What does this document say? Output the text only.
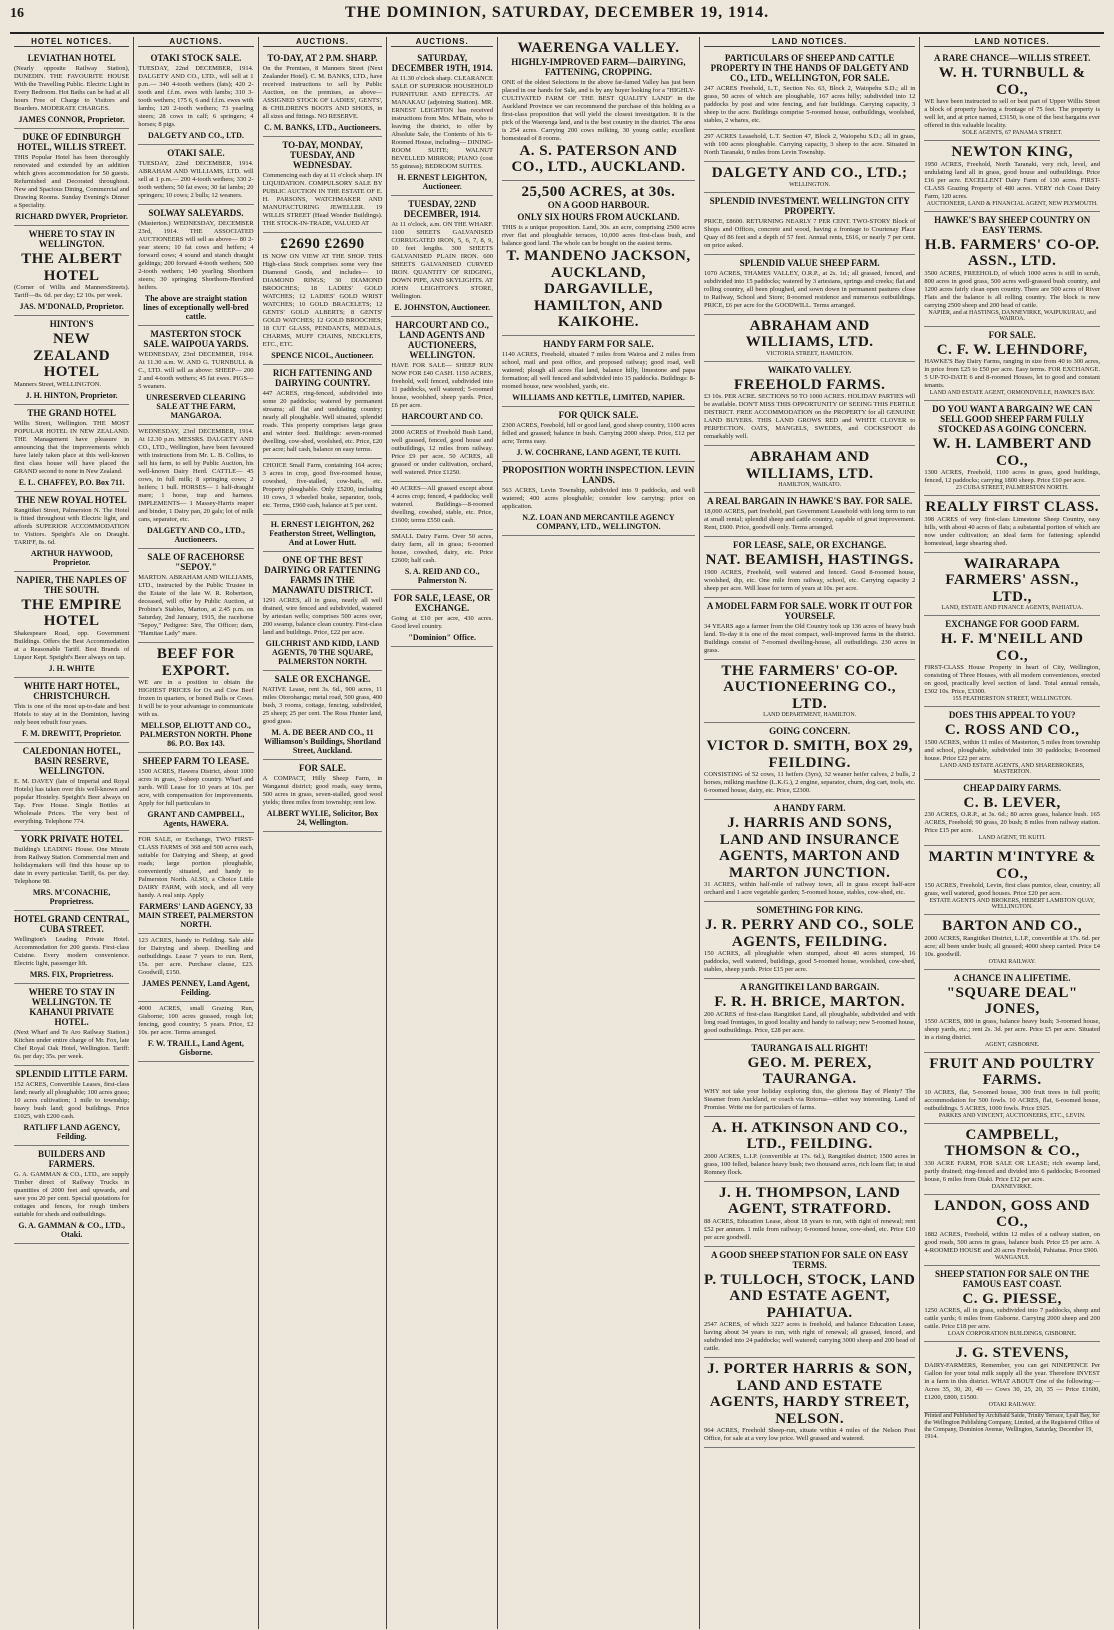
16	THE DOMINION, SATURDAY, DECEMBER 19, 1914.
HOTEL NOTICES.
LEVIATHAN HOTEL
(Nearly opposite Railway Station), DUNEDIN. THE FAVOURITE HOUSE With the Travelling Public. Electric Light in Every Bedroom. Hot Baths can be had at all hours Free of Charge to Visitors and Boarders. MODERATE CHARGES.
JAMES CONNOR, Proprietor.
DUKE OF EDINBURGH HOTEL, WILLIS STREET.
THIS Popular Hotel has been thoroughly renovated and extended by an addition which gives accommodation for 50 guests. Refurnished and Decorated throughout. New and Spacious Dining, Commercial and Drawing Rooms. Sunday Evening's Dinner a Speciality.
RICHARD DWYER, Proprietor.
WHERE TO STAY IN WELLINGTON.
THE ALBERT HOTEL
(Corner of Willis and MannersStreets). Tariff—8s. 6d. per day; £2 10s. per week.
JAS. M'DONALD, Proprietor.
HINTON'S
NEW ZEALAND HOTEL
Manners Street, WELLINGTON.
J. H. HINTON, Proprietor.
THE GRAND HOTEL
Willis Street, Wellington. THE MOST POPULAR HOTEL IN NEW ZEALAND. THE Management have pleasure in announcing that the improvements which have lately taken place at this well-known first class house will have placed the GRAND second to none in New Zealand.
E. L. CHAFFEY, P.O. Box 711.
THE NEW ROYAL HOTEL
Rangitikei Street, Palmerston N. The Hotel is fitted throughout with Electric light, and affords SUPERIOR ACCOMMODATION to Visitors. Speight's Ale on Draught. TARIFF, 8s. 6d.
ARTHUR HAYWOOD, Proprietor.
NAPIER, THE NAPLES OF THE SOUTH.
THE EMPIRE HOTEL
Shakespeare Road, opp. Government Buildings. Offers the Best Accommodation at a Reasonable Tariff. Best Brands of Liquor Kept. Speight's Beer always on tap.
J. H. WHITE
WHITE HART HOTEL, CHRISTCHURCH.
This is one of the most up-to-date and best Hotels to stay at in the Dominion, having only been rebuilt four years.
F. M. DREWITT, Proprietor.
CALEDONIAN HOTEL, BASIN RESERVE, WELLINGTON.
E. M. DAVEY (late of Imperial and Royal Hotels) has taken over this well-known and popular Hostelry. Speight's Beer always on Tap. Free House. Single Bottles at Wholesale Prices. The very best of everything. Telephone 774.
YORK PRIVATE HOTEL
Building's LEADING House. One Minute from Railway Station. Commercial men and holidaymakers will find this house up to date in every particular. Tariff, 6s. per day. Telephone 98.
MRS. M'CONACHIE, Proprietress.
HOTEL GRAND CENTRAL, CUBA STREET.
Wellington's Leading Private Hotel. Accommodation for 200 guests. First-class Cuisine. Every modern convenience. Electric light, passenger lift.
MRS. FIX, Proprietress.
WHERE TO STAY IN WELLINGTON. TE KAHANUI PRIVATE HOTEL.
(Next Wharf and Te Aro Railway Station.) Kitchen under entire charge of Mr. Fox, late Chef Royal Oak Hotel, Wellington. Tariff: 6s. per day; 35s. per week.
SPLENDID LITTLE FARM.
152 ACRES, Convertible Leases, first-class land; nearly all ploughable; 100 acres grass; 10 acres cultivation; 1 mile to township; heavy bush land; good buildings. Price £1025, with £200 cash.
RATLIFF LAND AGENCY, Feilding.
BUILDERS AND FARMERS.
G. A. GAMMAN & CO., LTD., are supply Timber direct of Railway Trucks in quantities of 2000 feet and upwards, and save you 20 per cent. Special quotations for cottages and fences, for rough timbers suitable for sheds and outbuildings.
G. A. GAMMAN & CO., LTD., Otaki.
AUCTIONS.
OTAKI STOCK SALE.
TUESDAY, 22nd DECEMBER, 1914. DALGETY AND CO., LTD., will sell at 1 p.m.— 340 4-tooth wethers (fats); 420 2-tooth and f.f.m. ewes with lambs; 310 3-tooth wethers; 175 6, 6 and f.f.m. ewes with lambs; 120 2-tooth wethers; 73 yearling steers; 28 cows in calf; 6 springers; 4 horses; 8 pigs.
DALGETY AND CO., LTD.
OTAKI SALE.
TUESDAY, 22nd DECEMBER, 1914. ABRAHAM AND WILLIAMS, LTD. will sell at 1 p.m.— 200 4-tooth wethers; 330 2-tooth wethers; 50 fat ewes; 30 fat lambs; 20 springers; 10 cows; 2 bulls; 12 weaners.
SOLWAY SALEYARDS.
(Masterton.) WEDNESDAY, DECEMBER 23rd, 1914. THE ASSOCIATED AUCTIONEERS will sell as above— 80 2-year steers; 10 fat cows and heifers; 4 forward cows; 4 sound and stanch draught geldings; 200 forward 4-tooth wethers; 500 2-tooth wethers; 140 yearling Shorthorn steers; 30 springing Shorthorn-Hereford heifers.
The above are straight station lines of exceptionally well-bred cattle.
MASTERTON STOCK SALE. WAIPOUA YARDS.
WEDNESDAY, 23rd DECEMBER, 1914. At 11.30 a.m. W. AND G. TURNBULL & C., LTD. will sell as above: SHEEP— 200 2 and 4-tooth wethers; 45 fat ewes. PIGS— 5 weaners.
UNRESERVED CLEARING SALE AT THE FARM, MANGAROA.
WEDNESDAY, 23rd DECEMBER, 1914. At 12.30 p.m. MESSRS. DALGETY AND CO., LTD., Wellington, have been favoured with instructions from Mr. L. B. Collins, to sell his farm, to sell by Public Auction, his well-known Dairy Herd. CATTLE— 45 cows, in full milk; 8 springing cows; 2 heifers; 1 bull. HORSES— 1 half-draught mare; 1 horse, trap and harness. IMPLEMENTS— 1 Massey-Harris reaper and binder, 1 Dairy pan, 20 gals; lot of milk cans, separator, etc.
DALGETY AND CO., LTD., Auctioneers.
SALE OF RACEHORSE "SEPOY."
MARTON. ABRAHAM AND WILLIAMS, LTD., instructed by the Public Trustee in the Estate of the late W. R. Robertson, deceased, will offer by Public Auction, at Probine's Stables, Marton, at 2.45 p.m. on Saturday, 2nd January, 1915, the racehorse "Sepoy," Pedigree: Sire, The Officer; dam, "Hamitae Lady" mare.
BEEF FOR EXPORT.
WE are in a position to obtain the HIGHEST PRICES for Ox and Cow Beef frozen in quarters, or boned Bulls or Cows. It will be to your advantage to communicate with us.
MELLSOP, ELIOTT AND CO., PALMERSTON NORTH. Phone 86. P.O. Box 143.
SHEEP FARM TO LEASE.
1500 ACRES, Hawera District, about 1000 acres in grass, 3-sheep country. Wharf and yards. Will Lease for 10 years at 10s. per acre, with compensation for improvements. Apply for full particulars to
GRANT AND CAMPBELL, Agents, HAWERA.
FOR SALE, or Exchange, TWO FIRST-CLASS FARMS of 368 and 500 acres each, suitable for Dairying and Sheep, at good roads; large portion ploughable, conveniently situated, and handy to Palmerston North. ALSO, a Choice Little DAIRY FARM, with stock, and all very handy. A real snip. Apply
FARMERS' LAND AGENCY, 33 MAIN STREET, PALMERSTON NORTH.
123 ACRES, handy to Feilding. Sale able for Dairying and sheep. Dwelling and outbuildings. Lease 7 years to run. Rent, 15s. per acre. Purchase clause, £23. Goodwill, £150.
JAMES PENNEY, Land Agent, Feilding.
4000 ACRES, small Grazing Run, Gisborne; 100 acres grassed, rough lot; fencing, good country; 5 years. Price, £2 10s. per acre. Terms arranged.
F. W. TRAILL, Land Agent, Gisborne.
AUCTIONS.
TO-DAY, AT 2 P.M. SHARP.
On the Premises, 8 Manners Street (Next Zealander Hotel). C. M. BANKS, LTD., have received instructions to sell by Public Auction, on the premises, as above— ASSIGNED STOCK OF LADIES', GENTS', & CHILDREN'S BOOTS AND SHOES, in all sizes and fittings. NO RESERVE.
C. M. BANKS, LTD., Auctioneers.
TO-DAY, MONDAY, TUESDAY, AND WEDNESDAY.
Commencing each day at 11 o'clock sharp. IN LIQUIDATION. COMPULSORY SALE BY PUBLIC AUCTION IN THE ESTATE OF E. H. PARSONS, WATCHMAKER AND MANUFACTURING JEWELLER. 19 WILLIS STREET (Head Wonder Buildings). THE STOCK-IN-TRADE, VALUED AT
£2690 £2690
IS NOW ON VIEW AT THE SHOP. THIS High-class Stock comprises some very fine Diamond Goods, and includes— 10 DIAMOND RINGS; 30 DIAMOND BROOCHES; 18 LADIES' GOLD WATCHES; 12 LADIES' GOLD WRIST WATCHES; 10 GOLD BRACELETS; 12 GENTS' GOLD ALBERTS; 8 GENTS' GOLD WATCHES; 12 GOLD BROOCHES; 18 CUT GLASS, PENDANTS, MEDALS, CHARMS, MUFF CHAINS, NECKLETS, ETC., ETC.
SPENCE NICOL, Auctioneer.
RICH FATTENING AND DAIRYING COUNTRY.
447 ACRES, ring-fenced, subdivided into some 20 paddocks; watered by permanent streams; all flat and undulating country; nearly all ploughable. Well situated, splendid roads. This property comprises large grass and winter feed. Buildings: seven-roomed dwelling, cow-shed, woolshed, etc. Price, £20 per acre; half cash, balance on easy terms.
CHOICE Small Farm, containing 164 acres; 3 acres in crop, good five-roomed house, cowshed, five-stalled, cow-bails, etc. Property ploughable. Only £5200, including 10 cows, 3 wheeled brake, separator, tools, etc. Terms, £960 cash, balance at 5 per cent.
H. ERNEST LEIGHTON, 262 Featherston Street, Wellington, And at Lower Hutt.
ONE OF THE BEST DAIRYING OR FATTENING FARMS IN THE MANAWATU DISTRICT.
1291 ACRES, all in grass, nearly all well drained, wire fenced and subdivided, watered by artesian wells; comprises 500 acres over, 200 swamp, balance clean country. First-class land and buildings. Price, £22 per acre.
GILCHRIST AND KIDD, LAND AGENTS, 70 THE SQUARE, PALMERSTON NORTH.
SALE OR EXCHANGE.
NATIVE Lease, rent 3s. 6d., 900 acres, 11 miles Otorohanga; metal road, 500 grass, 400 bush, 3 rooms, cottage, fencing, subdivided, 25 sheep; 25 per cent. The Ross Hunter land, good grass.
M. A. DE BEER AND CO., 11 Williamson's Buildings, Shortland Street, Auckland.
FOR SALE.
A COMPACT, Hilly Sheep Farm, in Wanganui district; good roads, easy terms, 500 acres in grass, seven-stalled, good wool yields; three miles from township; rent low.
ALBERT WYLIE, Solicitor, Box 24, Wellington.
AUCTIONS.
SATURDAY, DECEMBER 19TH, 1914.
At 11.30 o'clock sharp. CLEARANCE SALE OF SUPERIOR HOUSEHOLD FURNITURE AND EFFECTS. AT MANAKAU (adjoining Station). MR. ERNEST LEIGHTON has received instructions from Mrs. M'Bain, who is leaving the district, to offer by Absolute Sale, the Contents of his 6-Roomed House, including— DINING-ROOM SUITE; WALNUT BEVELLED MIRROR; PIANO (cost 55 guineas); BEDROOM SUITES.
H. ERNEST LEIGHTON, Auctioneer.
TUESDAY, 22ND DECEMBER, 1914.
At 11 o'clock, a.m. ON THE WHARF. 1100 SHEETS GALVANISED CORRUGATED IRON, 5, 6, 7, 8, 9, 10 feet lengths. 300 SHEETS GALVANISED PLAIN IRON. 600 SHEETS GALVANISED CURVED IRON. QUANTITY OF RIDGING, DOWN PIPE, AND SKYLIGHTS. AT JOHN LEIGHTON'S STORE, Wellington.
E. JOHNSTON, Auctioneer.
HARCOURT AND CO., LAND AGENTS AND AUCTIONEERS, WELLINGTON.
HAVE FOR SALE— SHEEP RUN NOW FOR £40 CASH. 1150 ACRES, freehold, well fenced, subdivided into 11 paddocks, well watered; 5-roomed house, woolshed, sheep yards. Price, £6 per acre.
HARCOURT AND CO.
2000 ACRES of Freehold Bush Land, well grassed, fenced, good house and outbuildings, 12 miles from railway. Price £9 per acre. 50 ACRES, all grassed or under cultivation, orchard, well watered. Price £1250.
40 ACRES—All grassed except about 4 acres crop; fenced, 4 paddocks; well watered. Buildings—8-roomed dwelling, cowshed, stable, etc. Price, £1600; terms £550 cash.
SMALL Dairy Farm. Over 50 acres, dairy farm, all in grass; 6-roomed house, cowshed, dairy, etc. Price £2600; half cash.
S. A. REID AND CO., Palmerston N.
FOR SALE, LEASE, OR EXCHANGE.
Going at £10 per acre, 430 acres. Good level country.
"Dominion" Office.
WAERENGA VALLEY.
HIGHLY-IMPROVED FARM—DAIRYING, FATTENING, CROPPING.
ONE of the oldest Selections in the above far-famed Valley has just been placed in our hands for Sale, and is by any buyer looking for a "HIGHLY-CULTIVATED FARM OF THE BEST QUALITY LAND" in the Auckland Province we can recommend the purchase of this holding as a first-class proposition that will yield the closest investigation. It is the pick of the Waerenga land, and is the best country in the district. The area is 254 acres. Carrying 200 cows milking, 30 young cattle; excellent homestead of 8 rooms.
A. S. PATERSON AND CO., LTD., AUCKLAND.
25,500 ACRES, at 30s.
ON A GOOD HARBOUR.
ONLY SIX HOURS FROM AUCKLAND.
THIS is a unique proposition. Land, 30s. an acre, comprising 2500 acres river flat and ploughable terraces, 10,000 acres first-class bush, and balance good land. The whole can be bought on the easiest terms.
T. MANDENO JACKSON, AUCKLAND, DARGAVILLE, HAMILTON, AND KAIKOHE.
HANDY FARM FOR SALE.
1140 ACRES, Freehold, situated 7 miles from Wairoa and 2 miles from school, mail and post office, and proposed railway; good road, well watered; plough all acres flat land, balance hilly, limestone and papa formation; all well fenced and subdivided into 15 paddocks. Buildings: 8-roomed house, new woolshed, yards, etc.
WILLIAMS AND KETTLE, LIMITED, NAPIER.
FOR QUICK SALE.
2300 ACRES, Freehold, hill or good land, good sheep country, 1100 acres felled and grassed; balance in bush. Carrying 2000 sheep. Price, £12 per acre; Terms easy.
J. W. COCHRANE, LAND AGENT, TE KUITI.
PROPOSITION WORTH INSPECTION. LEVIN LANDS.
563 ACRES, Levin Township, subdivided into 9 paddocks, and well watered; 400 acres ploughable; consider low carrying; price on application.
N.Z. LOAN AND MERCANTILE AGENCY COMPANY, LTD., WELLINGTON.
LAND NOTICES.
PARTICULARS OF SHEEP AND CATTLE PROPERTY IN THE HANDS OF DALGETY AND CO., LTD., WELLINGTON, FOR SALE.
247 ACRES Freehold, L.T., Section No. 63, Block 2, Waiopehu S.D.; all in grass, 50 acres of which are ploughable, 167 acres hilly; subdivided into 12 paddocks by post and wire fencing, and fair buildings. Carrying capacity, 3 sheep to the acre. Buildings comprise 5-roomed house, outbuildings, woolshed, stables, 2 whares, etc.
297 ACRES Leasehold, L.T. Section 47, Block 2, Waiopehu S.D.; all in grass, with 100 acres ploughable. Carrying capacity, 3 sheep to the acre. Situated in North Taranaki, 9 miles from Levin Township.
DALGETY AND CO., LTD.;
WELLINGTON.
SPLENDID INVESTMENT. WELLINGTON CITY PROPERTY.
PRICE, £8600. RETURNING NEARLY 7 PER CENT. TWO-STORY Block of Shops and Offices, concrete and wood, having a frontage to Courtenay Place Quay of 86 feet and a depth of 57 feet. Annual rents, £616, or nearly 7 per cent. on price asked.
SPLENDID VALUE SHEEP FARM.
1070 ACRES, THAMES VALLEY, O.R.P., at 2s. 1d.; all grassed, fenced, and subdivided into 15 paddocks; watered by 3 artesians, springs and creeks; flat and rolling country, all been ploughed, and sown down in permanent pastures close to Railway, School and Store; 8-roomed residence and numerous outbuildings. PRICE, £6 per acre for the GOODWILL. Terms arranged.
ABRAHAM AND WILLIAMS, LTD.
VICTORIA STREET, HAMILTON.
WAIKATO VALLEY.
FREEHOLD FARMS.
£3 10s. PER ACRE. SECTIONS 50 TO 1000 ACRES. HOLIDAY PARTIES will be available. DON'T MISS THIS OPPORTUNITY OF SEEING THIS FERTILE DISTRICT. FREE ACCOMMODATION on the PROPERTY for all GENUINE LAND BUYERS. THIS LAND GROWS RED and WHITE CLOVER to PERFECTION. OATS, MANGELS, SWEDES, and COCKSFOOT do remarkably well.
ABRAHAM AND WILLIAMS, LTD.
HAMILTON, WAIKATO.
A REAL BARGAIN IN HAWKE'S BAY. FOR SALE.
18,000 ACRES, part freehold, part Government Leasehold with long term to run at small rental; splendid sheep and cattle country, capable of great improvement. Rent, £600. Price, goodwill only. Terms arranged.
FOR LEASE, SALE, OR EXCHANGE.
NAT. BEAMISH, HASTINGS.
1900 ACRES, Freehold, well watered and fenced. Good 8-roomed house, woolshed, dip, etc. One mile from railway, school, etc. Carrying capacity 2 sheep per acre. Will lease for term of years at 10s. per acre.
A MODEL FARM FOR SALE. WORK IT OUT FOR YOURSELF.
34 YEARS ago a farmer from the Old Country took up 136 acres of heavy bush land. To-day it is one of the most compact, well-improved farms in the district. Buildings consist of 7-roomed dwelling-house, all outbuildings. 230 acres in grass.
THE FARMERS' CO-OP. AUCTIONEERING CO., LTD.
LAND DEPARTMENT, HAMILTON.
GOING CONCERN.
VICTOR D. SMITH, BOX 29, FEILDING.
CONSISTING of 52 cows, 11 heifers (3yrs), 32 weaner heifer calves, 2 bulls, 2 horses, milking machine (L.K.G.), 2 engine, separator, churn, dog cart, tools, etc. 6-roomed house, dairy, etc. Price, £2300.
A HANDY FARM.
J. HARRIS AND SONS, LAND AND INSURANCE AGENTS, MARTON AND MARTON JUNCTION.
31 ACRES, within half-mile of railway town, all in grass except half-acre orchard and 1 acre vegetable garden; 5-roomed house, stables, cow-shed, etc.
SOMETHING FOR KING.
J. R. PERRY AND CO., SOLE AGENTS, FEILDING.
150 ACRES, all ploughable when stumped, about 40 acres stumped, 16 paddocks, well watered, buildings, good 5-roomed house, woolshed, cow-shed, stables, sheep yards. Price £15 per acre.
A RANGITIKEI LAND BARGAIN.
F. R. H. BRICE, MARTON.
200 ACRES of first-class Rangitikei Land, all ploughable, subdivided and with long road frontages, in good locality and handy to railway; new 5-roomed house, good outbuildings. Price, £28 per acre.
TAURANGA IS ALL RIGHT!
GEO. M. PEREX, TAURANGA.
WHY not take your holiday exploring this, the glorious Bay of Plenty? The Steamer from Auckland, or coach via Rotorua—either way interesting. Land of Promise. Write me for particulars of farms.
A. H. ATKINSON AND CO., LTD., FEILDING.
2000 ACRES, L.I.P. (convertible at 17s. 6d.), Rangitikei district; 1500 acres in grass, 100 felled, balance heavy bush; two thousand acres, rich loam flat; in stud Romney flock.
J. H. THOMPSON, LAND AGENT, STRATFORD.
88 ACRES, Education Lease, about 18 years to run, with right of renewal; rent £52 per annum. 1 mile from railway; 6-roomed house, cow-shed, etc. Price £10 per acre goodwill.
A GOOD SHEEP STATION FOR SALE ON EASY TERMS.
P. TULLOCH, STOCK, LAND AND ESTATE AGENT, PAHIATUA.
2547 ACRES, of which 3227 acres is freehold, and balance Education Lease, having about 34 years to run, with right of renewal; all grassed, fenced, and subdivided into 24 paddocks; well watered; carrying 3000 sheep and 200 head of cattle.
J. PORTER HARRIS & SON, LAND AND ESTATE AGENTS, HARDY STREET, NELSON.
964 ACRES, Freehold Sheep-run, situate within 4 miles of the Nelson Post Office, for sale at a very low price. Well grassed and watered.
LAND NOTICES.
A RARE CHANCE—WILLIS STREET.
W. H. TURNBULL & CO.,
WE have been instructed to sell or best part of Upper Willis Street a block of property having a frontage of 75 feet. The property is well let, and at price named, £3150, is one of the best bargains ever offered in this valuable locality.
SOLE AGENTS, 67 PANAMA STREET.
NEWTON KING,
1950 ACRES, Freehold, North Taranaki, very rich, level, and undulating land all in grass, good house and outbuildings. Price £16 per acre. EXCELLENT Dairy Farm of 130 acres. FIRST-CLASS Grazing Property of 480 acres. VERY rich Coast Dairy Farm, 120 acres.
AUCTIONEER, LAND & FINANCIAL AGENT, NEW PLYMOUTH.
HAWKE'S BAY SHEEP COUNTRY ON EASY TERMS.
H.B. FARMERS' CO-OP. ASSN., LTD.
3500 ACRES, FREEHOLD, of which 1000 acres is still in scrub, 800 acres in good grass, 500 acres well-grassed bush country, and 1200 acres fairly clean open country. There are 500 acres of River Flats and the balance is all rolling country. The block is now carrying 2500 sheep and 200 head of cattle.
NAPIER, and at HASTINGS, DANNEVIRKE, WAIPUKURAU, and WAIROA.
FOR SALE.
C. F. W. LEHNDORF,
HAWKE'S Bay Dairy Farms, ranging in size from 40 to 300 acres, in price from £25 to £50 per acre. Easy terms. FOR EXCHANGE. 5 UP-TO-DATE 6 and 8-roomed Houses, let to good and constant tenants.
LAND AND ESTATE AGENT, ORMONDVILLE, HAWKE'S BAY.
DO YOU WANT A BARGAIN? WE CAN SELL GOOD SHEEP FARM FULLY STOCKED AS A GOING CONCERN.
W. H. LAMBERT AND CO.,
1300 ACRES, Freehold, 1100 acres in grass, good buildings, fenced, 12 paddocks; carrying 1800 sheep. Price £10 per acre.
23 CUBA STREET, PALMERSTON NORTH.
REALLY FIRST CLASS.
398 ACRES of very first-class Limestone Sheep Country, easy hills, with about 40 acres of flats; a substantial portion of which are now under cultivation; an ideal farm for fattening; splendid homestead, large shearing shed.
WAIRARAPA FARMERS' ASSN., LTD.,
LAND, ESTATE AND FINANCE AGENTS, PAHIATUA.
EXCHANGE FOR GOOD FARM.
H. F. M'NEILL AND CO.,
FIRST-CLASS House Property in heart of City, Wellington, consisting of Three Houses, with all modern conveniences, erected on good, practically level section of land. Total annual rentals, £302 10s. Price, £3300.
155 FEATHERSTON STREET, WELLINGTON.
DOES THIS APPEAL TO YOU?
C. ROSS AND CO.,
1500 ACRES, within 11 miles of Masterton, 5 miles from township and school, ploughable, subdivided into 30 paddocks; 8-roomed house. Price £22 per acre.
LAND AND ESTATE AGENTS, AND SHAREBROKERS, MASTERTON.
CHEAP DAIRY FARMS.
C. B. LEVER,
230 ACRES, O.R.P., at 3s. 6d.; 80 acres grass, balance bush. 165 ACRES, Freehold; 90 grass, 20 bush; 8 miles from railway station. Price £15 per acre.
LAND AGENT, TE KUITI.
MARTIN M'INTYRE & CO.,
150 ACRES, Freehold, Levin, first class pumice, clear, country; all grass, well watered, good houses. Price £20 per acre.
ESTATE AGENTS AND BROKERS, HEBERT LAMBTON QUAY, WELLINGTON.
BARTON AND CO.,
2000 ACRES, Rangitikei District, L.I.P., convertible at 17s. 6d. per acre; all been under bush; all grassed; 4000 sheep carried. Price £4 10s. goodwill.
OTAKI RAILWAY.
A CHANCE IN A LIFETIME.
"SQUARE DEAL" JONES,
1550 ACRES, 800 in grass, balance heavy bush; 3-roomed house, sheep yards, etc.; rent 2s. 3d. per acre. Price £5 per acre. Situated in a rising district.
AGENT, GISBORNE.
FRUIT AND POULTRY FARMS.
10 ACRES, flat, 5-roomed house, 300 fruit trees in full profit; accommodation for 500 fowls. 10 ACRES, flat, 6-roomed house, outbuildings. 5 ACRES, 1000 fowls. Price £925.
PARKES AND VINCENT, AUCTIONEERS, ETC., LEVIN.
CAMPBELL, THOMSON & CO.,
330 ACRE FARM, FOR SALE OR LEASE; rich swamp land, partly drained; ring-fenced and divided into 6 paddocks; 8-roomed house, 6 miles from Otaki. Price £12 per acre.
DANNEVIRKE.
LANDON, GOSS AND CO.,
1882 ACRES, Freehold, within 12 miles of a railway station, on good roads, 500 acres in grass, balance bush. Price £5 per acre. A 4-ROOMED HOUSE and 20 acres Freehold, Pahiatua. Price £900.
WANGANUI.
SHEEP STATION FOR SALE ON THE FAMOUS EAST COAST.
C. G. PIESSE,
1250 ACRES, all in grass, subdivided into 7 paddocks, sheep and cattle yards; 6 miles from Gisborne. Carrying 2000 sheep and 200 cattle. Price £18 per acre.
LOAN CORPORATION BUILDINGS, GISBORNE.
J. G. STEVENS,
DAIRY-FARMERS, Remember, you can get NINEPENCE Per Gallon for your total milk supply all the year. Therefore INVEST in a farm in this district. WHAT ABOUT One of the following:— Acres 35, 30, 20, 49 — Cows 30, 25, 20, 35 — Price £1600, £1200, £800, £1500.
OTAKI RAILWAY.
Printed and Published by Archibald Saide, Trinity Terrace, Lyall Bay, for the Wellington Publishing Company, Limited, at the Registered Office of the Company, Dominion Avenue, Wellington, Saturday, December 19, 1914.
